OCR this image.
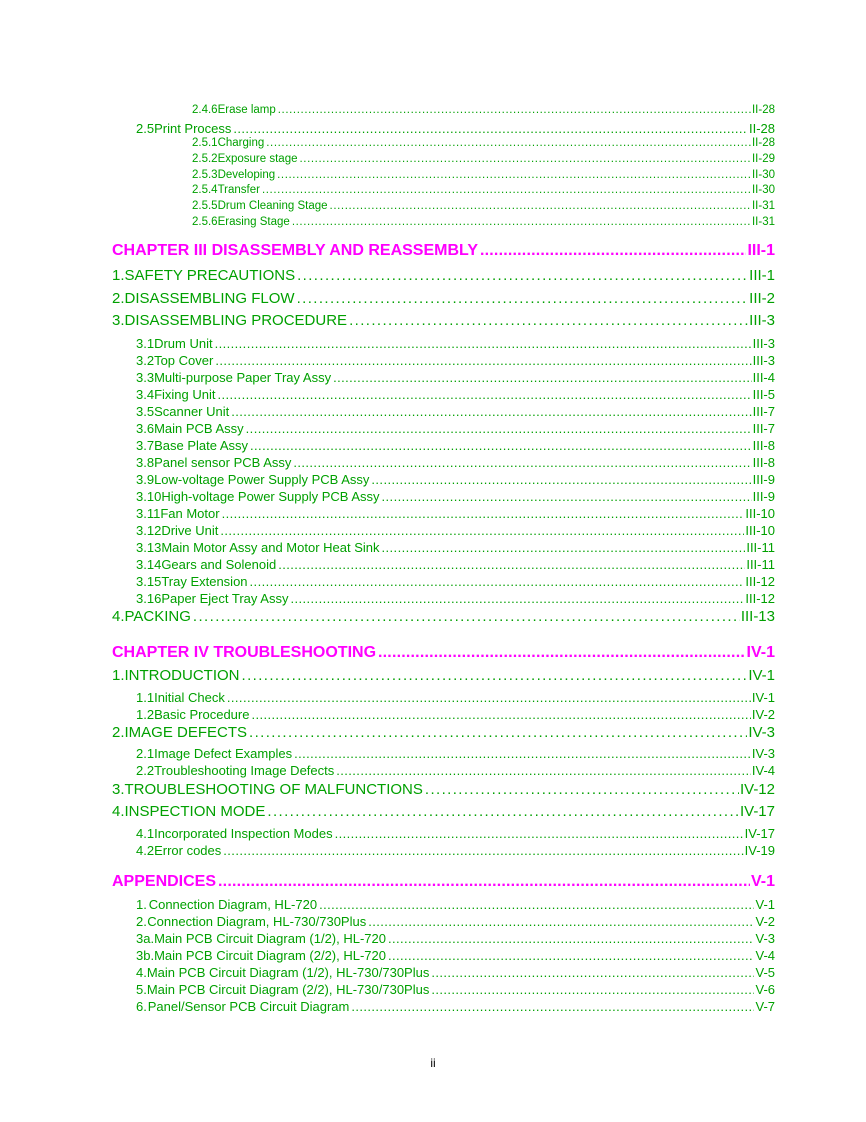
2.4.6 Erase lamp .....	II-28
2.5 Print Process .....	II-28
2.5.1 Charging .....	II-28
2.5.2 Exposure stage .....	II-29
2.5.3 Developing .....	II-30
2.5.4 Transfer .....	II-30
2.5.5 Drum Cleaning Stage .....	II-31
2.5.6 Erasing Stage .....	II-31
CHAPTER III DISASSEMBLY AND REASSEMBLY .....	III-1
1. SAFETY PRECAUTIONS .....	III-1
2. DISASSEMBLING FLOW .....	III-2
3. DISASSEMBLING PROCEDURE .....	III-3
3.1 Drum Unit .....	III-3
3.2 Top Cover .....	III-3
3.3 Multi-purpose Paper Tray Assy .....	III-4
3.4 Fixing Unit .....	III-5
3.5 Scanner Unit .....	III-7
3.6 Main PCB Assy .....	III-7
3.7 Base Plate Assy .....	III-8
3.8 Panel sensor PCB Assy .....	III-8
3.9 Low-voltage Power Supply PCB Assy .....	III-9
3.10 High-voltage Power Supply PCB Assy .....	III-9
3.11 Fan Motor .....	III-10
3.12 Drive Unit .....	III-10
3.13 Main Motor Assy and Motor Heat Sink .....	III-11
3.14 Gears and Solenoid .....	III-11
3.15 Tray Extension .....	III-12
3.16 Paper Eject Tray Assy .....	III-12
4. PACKING .....	III-13
CHAPTER IV TROUBLESHOOTING .....	IV-1
1. INTRODUCTION .....	IV-1
1.1 Initial Check .....	IV-1
1.2 Basic Procedure .....	IV-2
2. IMAGE DEFECTS .....	IV-3
2.1 Image Defect Examples .....	IV-3
2.2 Troubleshooting Image Defects .....	IV-4
3. TROUBLESHOOTING OF MALFUNCTIONS .....	IV-12
4. INSPECTION MODE .....	IV-17
4.1 Incorporated Inspection Modes .....	IV-17
4.2 Error codes .....	IV-19
APPENDICES .....	V-1
1. Connection Diagram, HL-720 .....	V-1
2. Connection Diagram, HL-730/730Plus .....	V-2
3a. Main PCB Circuit Diagram (1/2), HL-720 .....	V-3
3b. Main PCB Circuit Diagram (2/2), HL-720 .....	V-4
4. Main PCB Circuit Diagram (1/2), HL-730/730Plus .....	V-5
5. Main PCB Circuit Diagram (2/2), HL-730/730Plus .....	V-6
6. Panel/Sensor PCB Circuit Diagram .....	V-7
ii
